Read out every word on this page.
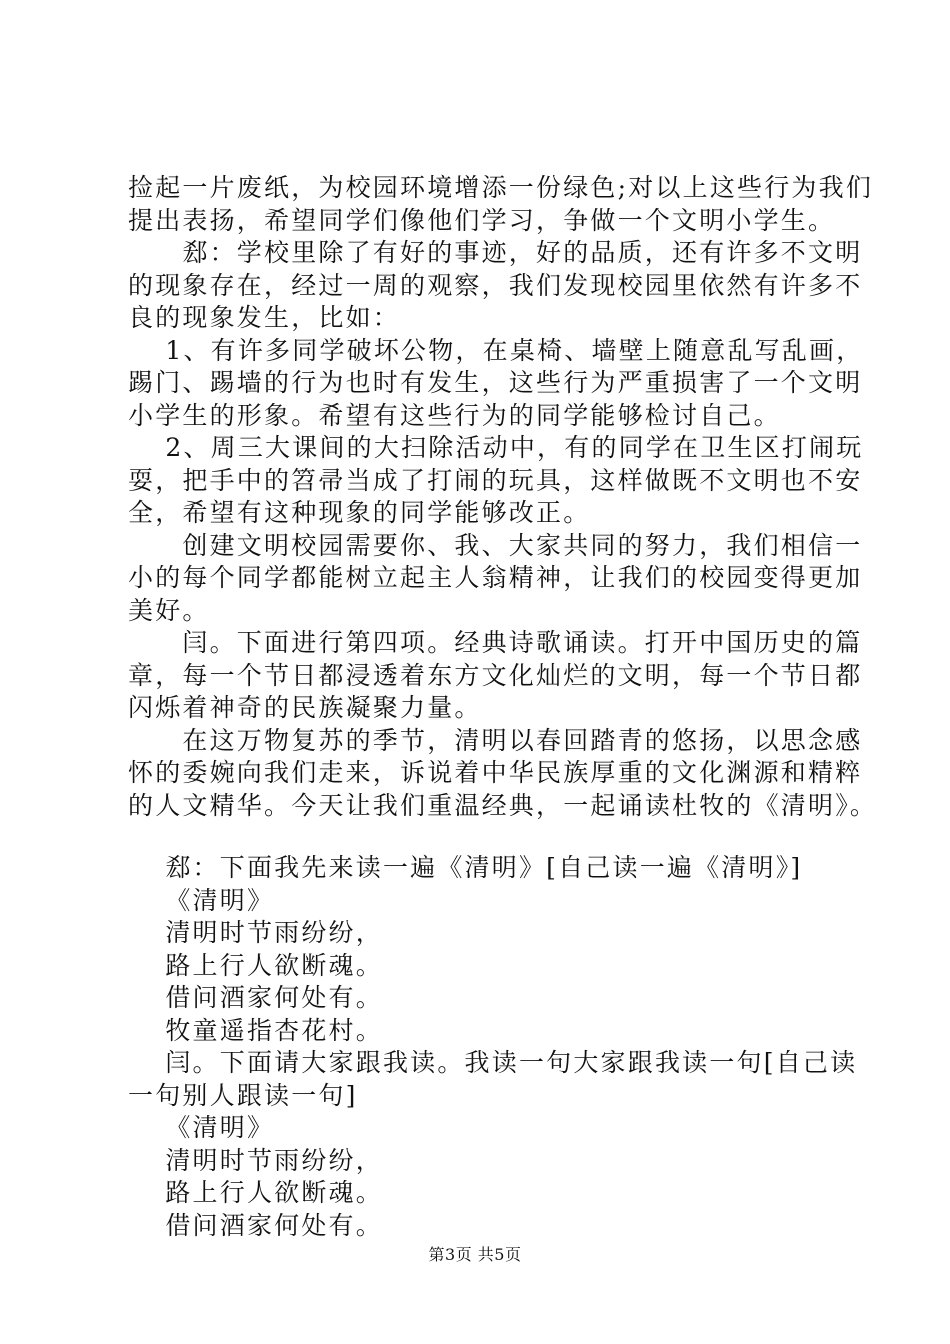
捡起一片废纸，为校园环境增添一份绿色;对以上这些行为我们

提出表扬，希望同学们像他们学习，争做一个文明小学生。

　　郄：学校里除了有好的事迹，好的品质，还有许多不文明

的现象存在，经过一周的观察，我们发现校园里依然有许多不

良的现象发生，比如：

　 1、有许多同学破坏公物，在桌椅、墙壁上随意乱写乱画，

踢门、踢墙的行为也时有发生，这些行为严重损害了一个文明

小学生的形象。希望有这些行为的同学能够检讨自己。

　 2、周三大课间的大扫除活动中，有的同学在卫生区打闹玩

耍，把手中的笤帚当成了打闹的玩具，这样做既不文明也不安

全，希望有这种现象的同学能够改正。

　　创建文明校园需要你、我、大家共同的努力，我们相信一

小的每个同学都能树立起主人翁精神，让我们的校园变得更加

美好。

　　闫。下面进行第四项。经典诗歌诵读。打开中国历史的篇

章，每一个节日都浸透着东方文化灿烂的文明，每一个节日都

闪烁着神奇的民族凝聚力量。

　　在这万物复苏的季节，清明以春回踏青的悠扬，以思念感

怀的委婉向我们走来，诉说着中华民族厚重的文化渊源和精粹

的人文精华。今天让我们重温经典，一起诵读杜牧的《清明》。

　 郄：下面我先来读一遍《清明》[自己读一遍《清明》]

　 《清明》

　 清明时节雨纷纷，

　 路上行人欲断魂。

　 借问酒家何处有。

　 牧童遥指杏花村。

　 闫。下面请大家跟我读。我读一句大家跟我读一句[自己读

一句别人跟读一句]

　 《清明》

　 清明时节雨纷纷，

　 路上行人欲断魂。

　 借问酒家何处有。

第3页 共5页
